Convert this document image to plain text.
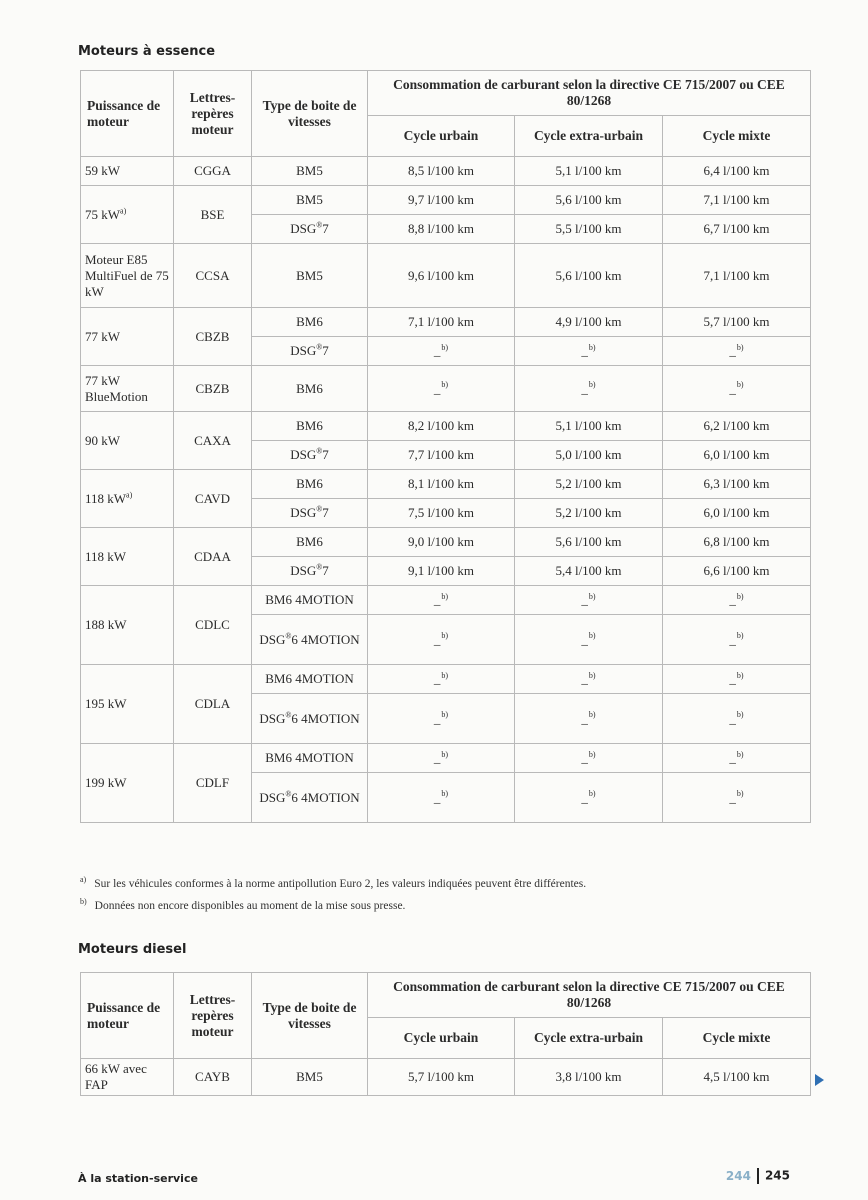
Moteurs à essence
Puissance de moteur	Lettres-repères moteur	Type de boite de vitesses	Consommation de carburant selon la directive CE 715/2007 ou CEE 80/1268		
			Cycle urbain	Cycle extra-urbain	Cycle mixte
59 kW	CGGA	BM5	8,5 l/100 km	5,1 l/100 km	6,4 l/100 km
75 $kW^{a)}$	BSE	BM5	9,7 l/100 km	5,6 l/100 km	7,1 l/100 km
		DSG®7	8,8 l/100 km	5,5 l/100 km	6,7 l/100 km
Moteur E85 MultiFuel de 75 kW	CCSA	BM5	9,6 l/100 km	5,6 l/100 km	7,1 l/100 km
77 kW	CBZB	BM6	7,1 l/100 km	4,9 l/100 km	5,7 l/100 km
		DSG®7	_$^{b)}$	_$^{b)}$	_$^{b)}$
77 kW BlueMotion	CBZB	BM6	_$^{b)}$	_$^{b)}$	_$^{b)}$
90 kW	CAXA	BM6	8,2 l/100 km	5,1 l/100 km	6,2 l/100 km
		DSG®7	7,7 l/100 km	5,0 l/100 km	6,0 l/100 km
118 $kW^{a)}$	CAVD	BM6	8,1 l/100 km	5,2 l/100 km	6,3 l/100 km
		DSG®7	7,5 l/100 km	5,2 l/100 km	6,0 l/100 km
118 kW	CDAA	BM6	9,0 l/100 km	5,6 l/100 km	6,8 l/100 km
		DSG®7	9,1 l/100 km	5,4 l/100 km	6,6 l/100 km
188 kW	CDLC	BM6 4MOTION	_$^{b)}$	_$^{b)}$	_$^{b)}$
		DSG®6 4MOTION	_$^{b)}$	_$^{b)}$	_$^{b)}$
195 kW	CDLA	BM6 4MOTION	_$^{b)}$	_$^{b)}$	_$^{b)}$
		DSG®6 4MOTION	_$^{b)}$	_$^{b)}$	_$^{b)}$
199 kW	CDLF	BM6 4MOTION	_$^{b)}$	_$^{b)}$	_$^{b)}$
		DSG®6 4MOTION	_$^{b)}$	_$^{b)}$	_$^{b)}$
$^{a)}$ Sur les véhicules conformes à la norme antipollution Euro 2, les valeurs indiquées peuvent être différentes.
$^{b)}$ Données non encore disponibles au moment de la mise sous presse.
Moteurs diesel
Puissance de moteur	Lettres-repères moteur	Type de boite de vitesses	Consommation de carburant selon la directive CE 715/2007 ou CEE 80/1268		
			Cycle urbain	Cycle extra-urbain	Cycle mixte
66 kW avec FAP	CAYB	BM5	5,7 l/100 km	3,8 l/100 km	4,5 l/100 km
À la station-service	244 245
